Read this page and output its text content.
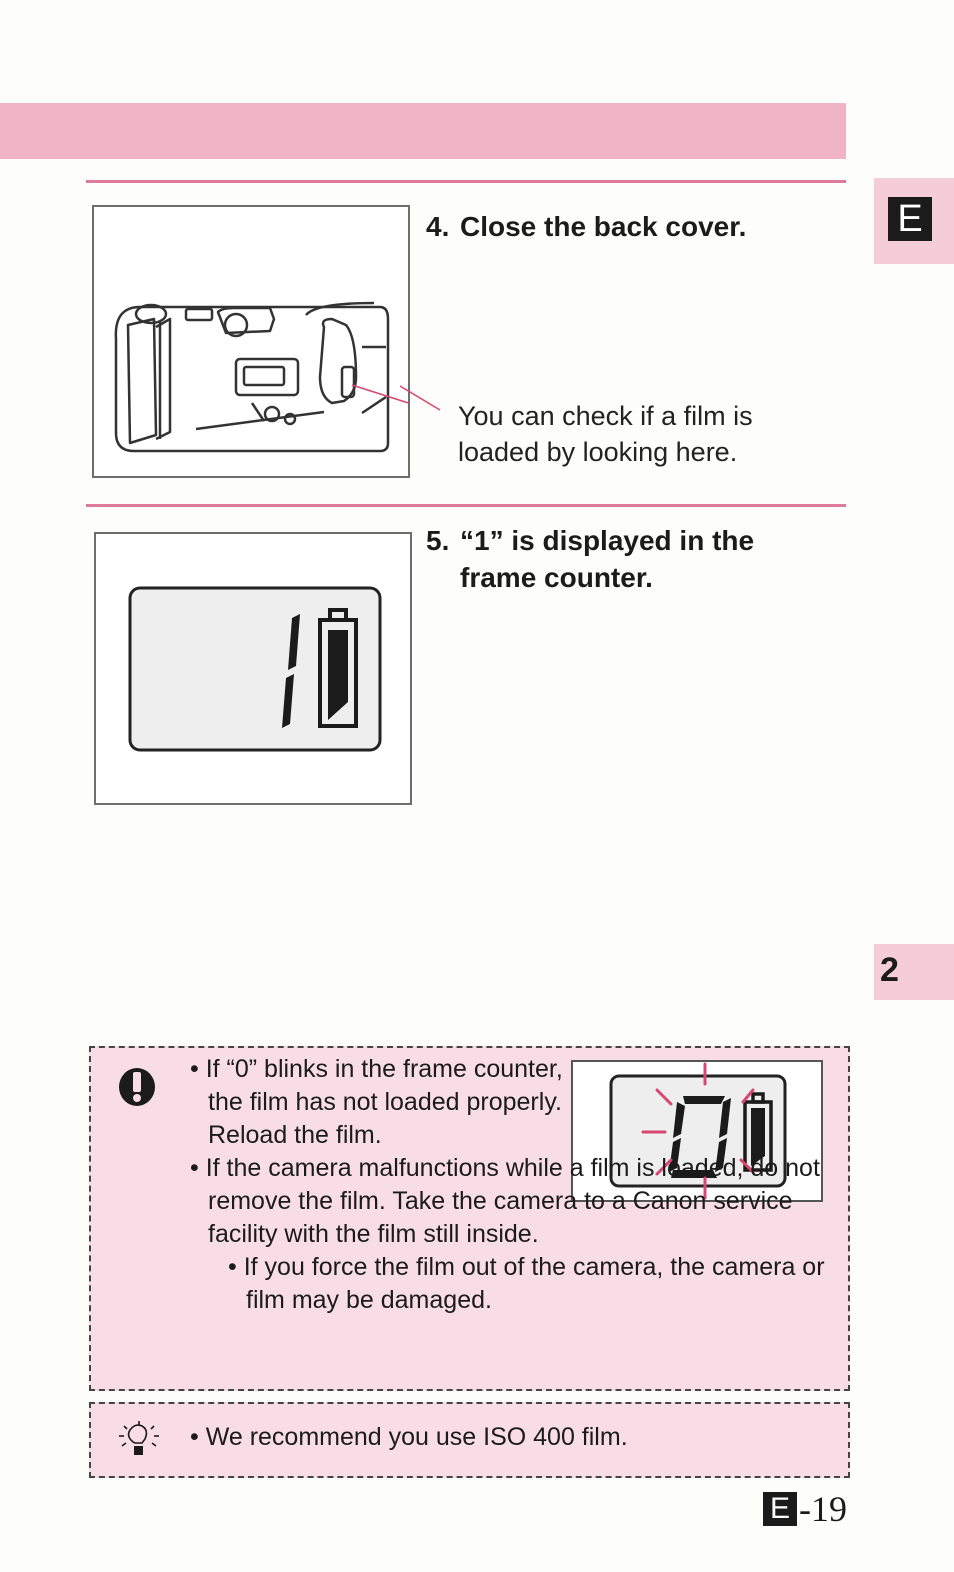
E
2
4. Close the back cover.
You can check if a film is loaded by looking here.
5. “1” is displayed in the frame counter.

• If “0” blinks in the frame counter, the film has not loaded properly. Reload the film.

• If the camera malfunctions while a film is loaded, do not remove the film. Take the camera to a Canon service facility with the film still inside.

• If you force the film out of the camera, the camera or film may be damaged.

• We recommend you use ISO 400 film.
E -19
